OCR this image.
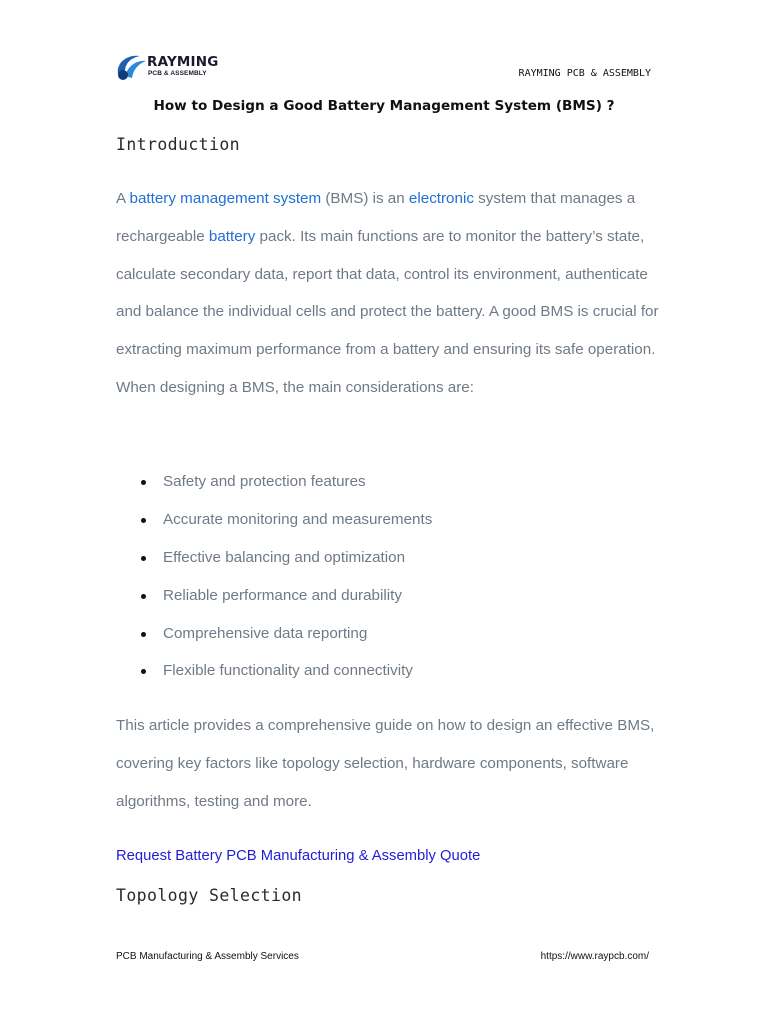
RAYMING
PCB & ASSEMBLY	RAYMING PCB & ASSEMBLY
How to Design a Good Battery Management System (BMS) ?
Introduction
A battery management system (BMS) is an electronic system that manages a rechargeable battery pack. Its main functions are to monitor the battery’s state, calculate secondary data, report that data, control its environment, authenticate and balance the individual cells and protect the battery. A good BMS is crucial for extracting maximum performance from a battery and ensuring its safe operation. When designing a BMS, the main considerations are:
Safety and protection features
Accurate monitoring and measurements
Effective balancing and optimization
Reliable performance and durability
Comprehensive data reporting
Flexible functionality and connectivity
This article provides a comprehensive guide on how to design an effective BMS, covering key factors like topology selection, hardware components, software algorithms, testing and more.
Request Battery PCB Manufacturing & Assembly Quote
Topology Selection
PCB Manufacturing & Assembly Services	https://www.raypcb.com/
